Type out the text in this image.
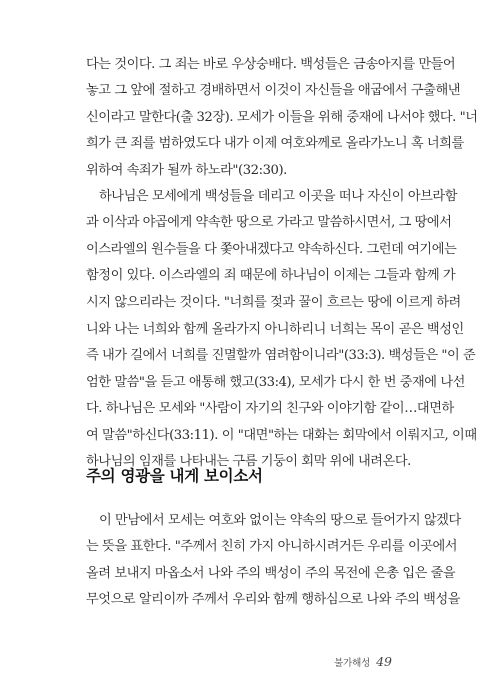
다는 것이다. 그 죄는 바로 우상숭배다. 백성들은 금송아지를 만들어
놓고 그 앞에 절하고 경배하면서 이것이 자신들을 애굽에서 구출해낸
신이라고 말한다(출 32장). 모세가 이들을 위해 중재에 나서야 했다. "너
희가 큰 죄를 범하였도다 내가 이제 여호와께로 올라가노니 혹 너희를
위하여 속죄가 될까 하노라"(32:30).
하나님은 모세에게 백성들을 데리고 이곳을 떠나 자신이 아브라함
과 이삭과 야곱에게 약속한 땅으로 가라고 말씀하시면서, 그 땅에서
이스라엘의 원수들을 다 쫓아내겠다고 약속하신다. 그런데 여기에는
함정이 있다. 이스라엘의 죄 때문에 하나님이 이제는 그들과 함께 가
시지 않으리라는 것이다. "너희를 젖과 꿀이 흐르는 땅에 이르게 하려
니와 나는 너희와 함께 올라가지 아니하리니 너희는 목이 곧은 백성인
즉 내가 길에서 너희를 진멸할까 염려함이니라"(33:3). 백성들은 "이 준
엄한 말씀"을 듣고 애통해 했고(33:4), 모세가 다시 한 번 중재에 나선
다. 하나님은 모세와 "사람이 자기의 친구와 이야기함 같이…대면하
여 말씀"하신다(33:11). 이 "대면"하는 대화는 회막에서 이뤄지고, 이때
하나님의 임재를 나타내는 구름 기둥이 회막 위에 내려온다.
주의 영광을 내게 보이소서
이 만남에서 모세는 여호와 없이는 약속의 땅으로 들어가지 않겠다
는 뜻을 표한다. "주께서 친히 가지 아니하시려거든 우리를 이곳에서
올려 보내지 마옵소서 나와 주의 백성이 주의 목전에 은총 입은 줄을
무엇으로 알리이까 주께서 우리와 함께 행하심으로 나와 주의 백성을
불가해성 49
